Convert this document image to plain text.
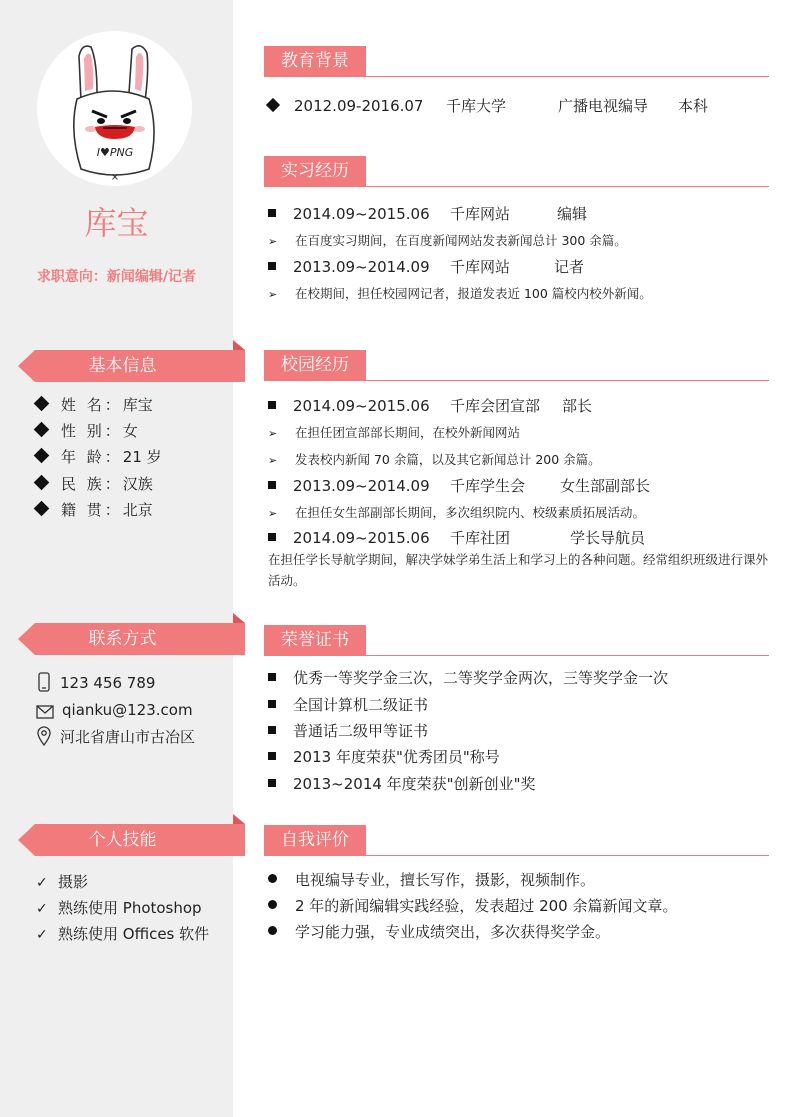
I♥PNG
×
库宝
求职意向：新闻编辑/记者
基本信息
姓 名：库宝
性 别：女
年 龄：21 岁
民 族：汉族
籍 贯：北京
联系方式
123 456 789
qianku@123.com
河北省唐山市古冶区
个人技能
✓ 摄影
✓ 熟练使用 Photoshop
✓ 熟练使用 Offices 软件
教育背景
2012.09-2016.07 千库大学	广播电视编导 本科
实习经历
2014.09~2015.06 千库网站	编辑
➢ 在百度实习期间，在百度新闻网站发表新闻总计 300 余篇。
2013.09~2014.09 千库网站	记者
➢ 在校期间，担任校园网记者，报道发表近 100 篇校内校外新闻。
校园经历
2014.09~2015.06 千库会团宣部 部长
➢ 在担任团宣部部长期间，在校外新闻网站
➢ 发表校内新闻 70 余篇，以及其它新闻总计 200 余篇。
2013.09~2014.09 千库学生会 女生部副部长
➢ 在担任女生部副部长期间，多次组织院内、校级素质拓展活动。
2014.09~2015.06 千库社团	学长导航员
在担任学长导航学期间，解决学妹学弟生活上和学习上的各种问题。经常组织班级进行课外活动。
荣誉证书
优秀一等奖学金三次，二等奖学金两次，三等奖学金一次
全国计算机二级证书
普通话二级甲等证书
2013 年度荣获"优秀团员"称号
2013~2014 年度荣获"创新创业"奖
自我评价
电视编导专业，擅长写作，摄影，视频制作。
2 年的新闻编辑实践经验，发表超过 200 余篇新闻文章。
学习能力强，专业成绩突出，多次获得奖学金。
